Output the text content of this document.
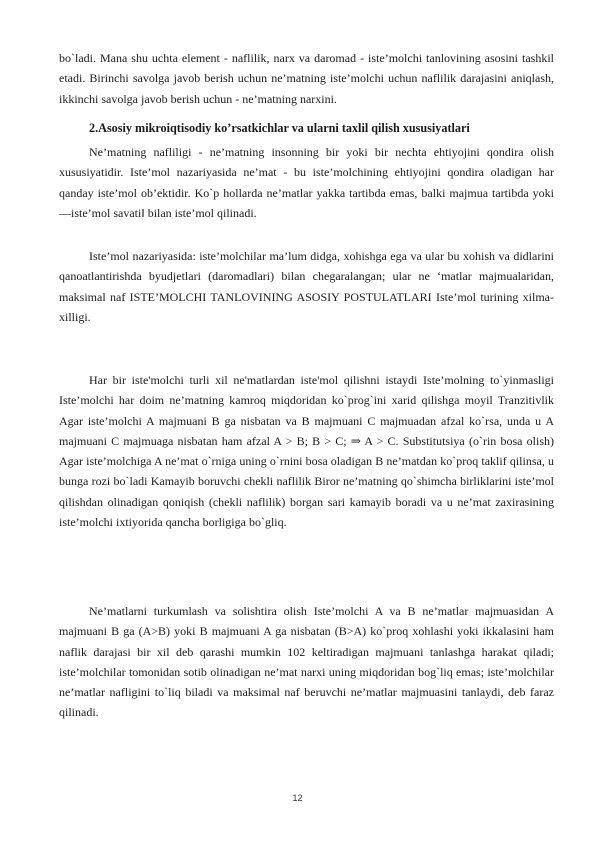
bo`ladi. Mana shu uchta element - naflilik, narx va daromad - iste’molchi tanlovining asosini tashkil etadi. Birinchi savolga javob berish uchun ne’matning iste’molchi uchun naflilik darajasini aniqlash, ikkinchi savolga javob berish uchun - ne’matning narxini.

2.Asosiy mikroiqtisodiy ko’rsatkichlar va ularni taxlil qilish xususiyatlari

Ne’matning nafliligi - ne’matning insonning bir yoki bir nechta ehtiyojini qondira olish xususiyatidir. Iste’mol nazariyasida ne’mat - bu iste’molchining ehtiyojini qondira oladigan har qanday iste’mol ob’ektidir. Ko`p hollarda ne’matlar yakka tartibda emas, balki majmua tartibda yoki ―iste’mol savati‖ bilan iste’mol qilinadi.

Iste’mol nazariyasida: iste’molchilar ma’lum didga, xohishga ega va ular bu xohish va didlarini qanoatlantirishda byudjetlari (daromadlari) bilan chegaralangan; ular ne ‘matlar majmualaridan, maksimal naf ISTE’MOLCHI TANLOVINING ASOSIY POSTULATLARI Iste’mol turining xilma-xilligi.

Har bir iste'molchi turli xil ne'matlardan iste'mol qilishni istaydi Iste’molning to`yinmasligi Iste’molchi har doim ne’matning kamroq miqdoridan ko`prog`ini xarid qilishga moyil Tranzitivlik Agar iste’molchi A majmuani B ga nisbatan va B majmuani C majmuadan afzal ko`rsa, unda u A majmuani C majmuaga nisbatan ham afzal A > B; B > C; ⇒ A > C. Substitutsiya (o`rin bosa olish) Agar iste’molchiga A ne’mat o`rniga uning o`rnini bosa oladigan B ne’matdan ko`proq taklif qilinsa, u bunga rozi bo`ladi Kamayib boruvchi chekli naflilik Biror ne’matning qo`shimcha birliklarini iste’mol qilishdan olinadigan qoniqish (chekli naflilik) borgan sari kamayib boradi va u ne’mat zaxirasining iste’molchi ixtiyorida qancha borligiga bo`gliq.

Ne’matlarni turkumlash va solishtira olish Iste’molchi A va B ne’matlar majmuasidan A majmuani B ga (A>B) yoki B majmuani A ga nisbatan (B>A) ko`proq xohlashi yoki ikkalasini ham naflik darajasi bir xil deb qarashi mumkin 102 keltiradigan majmuani tanlashga harakat qiladi; iste’molchilar tomonidan sotib olinadigan ne’mat narxi uning miqdoridan bog`liq emas; iste’molchilar ne’matlar nafligini to`liq biladi va maksimal naf beruvchi ne’matlar majmuasini tanlaydi, deb faraz qilinadi.

12
